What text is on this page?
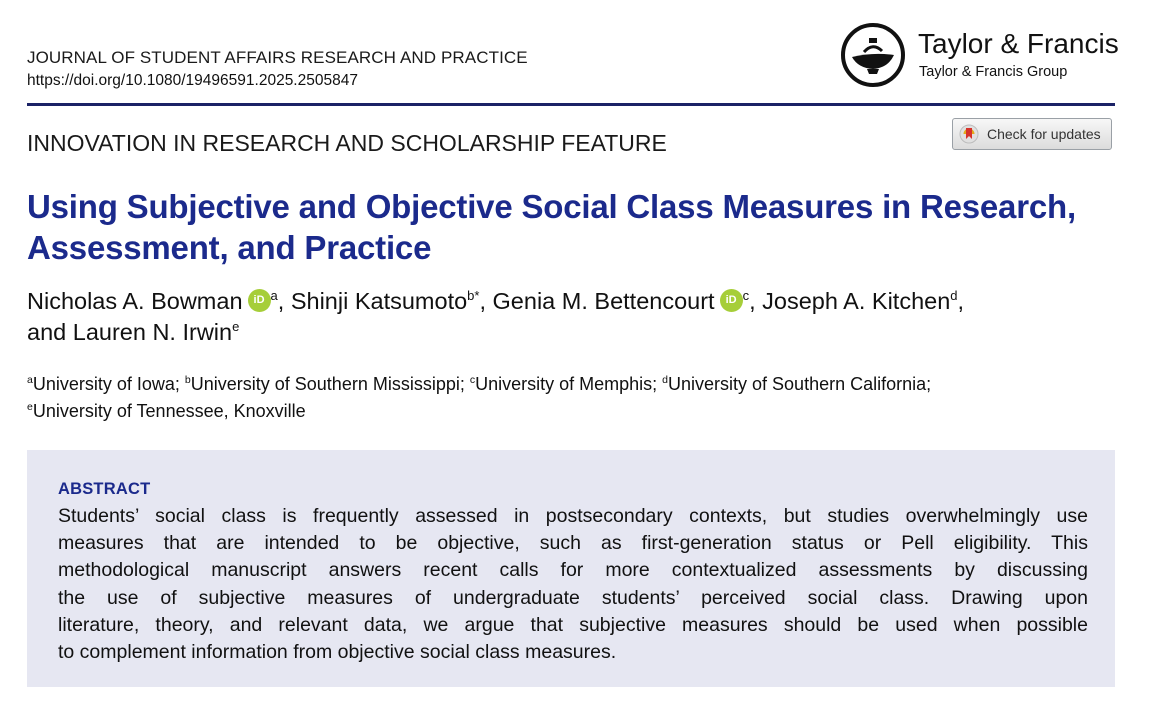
JOURNAL OF STUDENT AFFAIRS RESEARCH AND PRACTICE
https://doi.org/10.1080/19496591.2025.2505847
Taylor & Francis
Taylor & Francis Group
INNOVATION IN RESEARCH AND SCHOLARSHIP FEATURE	Check for updates
Using Subjective and Objective Social Class Measures in Research,
Assessment, and Practice
Nicholas A. Bowman	iD $^a$, Shinji Katsumoto$^{b*}$, Genia M. Bettencourt	iD $^c$, Joseph A. Kitchen$^d$,
and Lauren N. Irwin$^e$
$^a$University of Iowa; $^b$University of Southern Mississippi; $^c$University of Memphis; $^d$University of Southern California;
$^e$University of Tennessee, Knoxville
ABSTRACT
Students’ social class is frequently assessed in postsecondary contexts, but studies overwhelmingly use
measures that are intended to be objective, such as first-generation status or Pell eligibility. This
methodological manuscript answers recent calls for more contextualized assessments by discussing
the use of subjective measures of undergraduate students’ perceived social class. Drawing upon
literature, theory, and relevant data, we argue that subjective measures should be used when possible
to complement information from objective social class measures.
